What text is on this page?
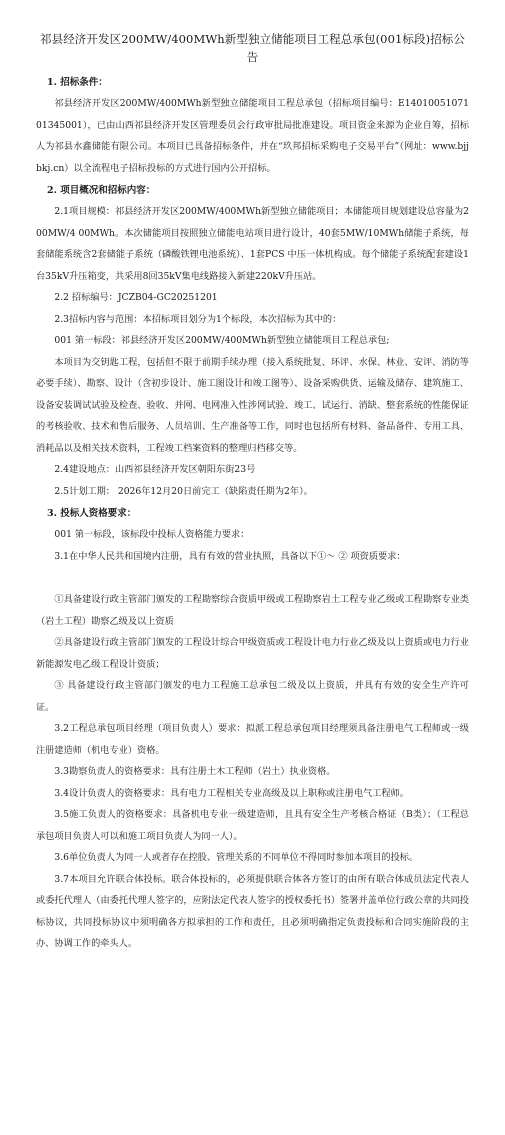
祁县经济开发区200MW/400MWh新型独立储能项目工程总承包(001标段)招标公告
1. 招标条件：
祁县经济开发区200MW/400MWh新型独立储能项目工程总承包（招标项目编号：E1401005107101345001），已由山西祁县经济开发区管理委员会行政审批局批准建设。项目资金来源为企业自筹，招标人为祁县水鑫储能有限公司。本项目已具备招标条件，并在“玖邦招标采购电子交易平台”（网址：www.bjjbkj.cn）以全流程电子招标投标的方式进行国内公开招标。
2. 项目概况和招标内容：
2.1项目规模：祁县经济开发区200MW/400MWh新型独立储能项目；本储能项目规划建设总容量为200MW/4 00MWh。本次储能项目按照独立储能电站项目进行设计，40套5MW/10MWh储能子系统，每套储能系统含2套储能子系统（磷酸铁锂电池系统）、1套PCS 中压一体机构成。每个储能子系统配套建设1台35kV升压箱变，共采用8回35kV集电线路接入新建220kV升压站。
2.2 招标编号：JCZB04-GC20251201
2.3招标内容与范围：本招标项目划分为1个标段，本次招标为其中的：
001 第一标段：祁县经济开发区200MW/400MWh新型独立储能项目工程总承包;
本项目为交钥匙工程，包括但不限于前期手续办理（接入系统批复、环评、水保、林业、安评、消防等必要手续）、勘察、设计（含初步设计、施工图设计和竣工图等）、设备采购供货、运输及储存、建筑施工、设备安装调试试验及检查、验收、并网、电网准入性涉网试验、竣工、试运行、消缺、整套系统的性能保证的考核验收、技术和售后服务、人员培训、生产准备等工作，同时也包括所有材料、备品备件、专用工具、消耗品以及相关技术资料，工程竣工档案资料的整理归档移交等。
2.4建设地点：山西祁县经济开发区朝阳东街23号
2.5计划工期： 2026年12月20日前完工（缺陷责任期为2年）。
3. 投标人资格要求：
001 第一标段，该标段中投标人资格能力要求：
3.1在中华人民共和国境内注册，具有有效的营业执照，具备以下①～ ② 项资质要求：
①具备建设行政主管部门颁发的工程勘察综合资质甲级或工程勘察岩土工程专业乙级或工程勘察专业类（岩土工程）勘察乙级及以上资质
②具备建设行政主管部门颁发的工程设计综合甲级资质或工程设计电力行业乙级及以上资质或电力行业新能源发电乙级工程设计资质；
③ 具备建设行政主管部门颁发的电力工程施工总承包二级及以上资质，并具有有效的安全生产许可证。
3.2工程总承包项目经理（项目负责人）要求：拟派工程总承包项目经理须具备注册电气工程师或一级注册建造师（机电专业）资格。
3.3勘察负责人的资格要求：具有注册土木工程师（岩土）执业资格。
3.4设计负责人的资格要求：具有电力工程相关专业高级及以上职称或注册电气工程师。
3.5施工负责人的资格要求：具备机电专业一级建造师，且具有安全生产考核合格证（B类）；（工程总承包项目负责人可以和施工项目负责人为同一人）。
3.6单位负责人为同一人或者存在控股、管理关系的不同单位不得同时参加本项目的投标。
3.7本项目允许联合体投标。联合体投标的，必须提供联合体各方签订的由所有联合体成员法定代表人或委托代理人（由委托代理人签字的，应附法定代表人签字的授权委托书）签署并盖单位行政公章的共同投标协议，共同投标协议中须明确各方拟承担的工作和责任，且必须明确指定负责投标和合同实施阶段的主办、协调工作的牵头人。
